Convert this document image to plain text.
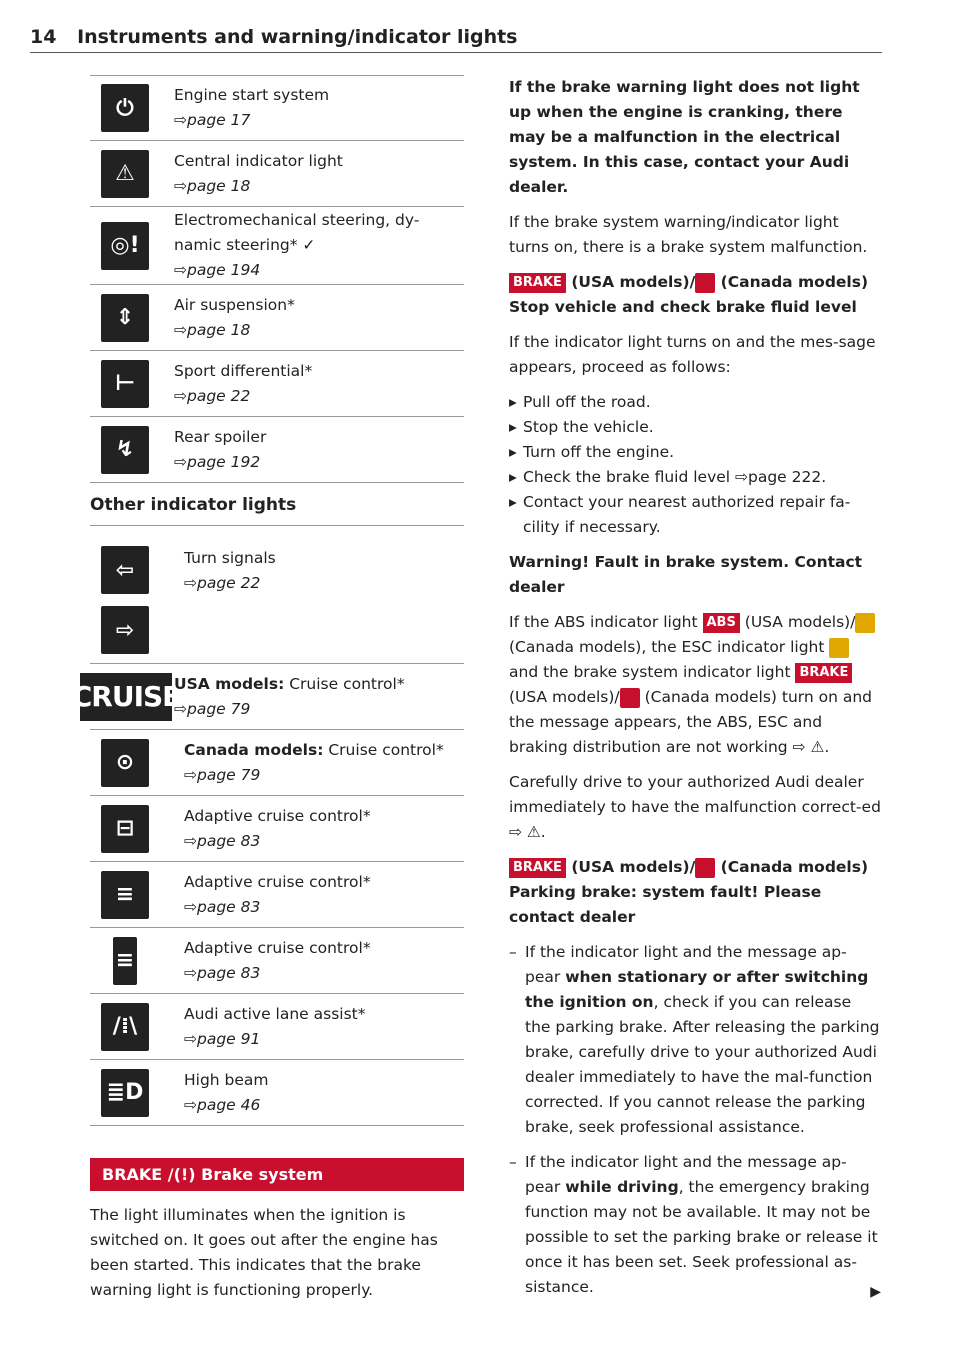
14 Instruments and warning/indicator lights
⏻
Engine start system
⇨page 17
⚠
Central indicator light
⇨page 18
◎!
Electromechanical steering, dy-namic steering* ✓
⇨page 194
⇕
Air suspension*
⇨page 18
⊢
Sport differential*
⇨page 22
↯
Rear spoiler
⇨page 192
Other indicator lights
⇦
⇨
Turn signals
⇨page 22
CRUISE
USA models: Cruise control*
⇨page 79
⊙
Canada models: Cruise control*
⇨page 79
⊟
Adaptive cruise control*
⇨page 83
≡
Adaptive cruise control*
⇨page 83
≡
Adaptive cruise control*
⇨page 83
/⁞\
Audi active lane assist*
⇨page 91
≣D
High beam
⇨page 46
BRAKE /(!) Brake system
The light illuminates when the ignition is switched on. It goes out after the engine has been started. This indicates that the brake warning light is functioning properly.

If the brake warning light does not light up when the engine is cranking, there may be a malfunction in the electrical system. In this case, contact your Audi dealer.

If the brake system warning/indicator light turns on, there is a brake system malfunction.

BRAKE (USA models)/ (Canada models)
Stop vehicle and check brake fluid level

If the indicator light turns on and the mes-sage appears, proceed as follows:

▸ Pull off the road.
▸ Stop the vehicle.
▸ Turn off the engine.
▸ Check the brake fluid level ⇨page 222.
▸ Contact your nearest authorized repair fa-cility if necessary.

Warning! Fault in brake system. Contact dealer

If the ABS indicator light ABS (USA models)/ (Canada models), the ESC indicator light  and the brake system indicator light BRAKE (USA models)/ (Canada models) turn on and the message appears, the ABS, ESC and braking distribution are not working ⇨ ⚠.

Carefully drive to your authorized Audi dealer immediately to have the malfunction correct-ed ⇨ ⚠.

BRAKE (USA models)/ (Canada models)
Parking brake: system fault! Please contact dealer

– If the indicator light and the message ap-pear when stationary or after switching the ignition on, check if you can release the parking brake. After releasing the parking brake, carefully drive to your authorized Audi dealer immediately to have the mal-function corrected. If you cannot release the parking brake, seek professional assistance.
– If the indicator light and the message ap-pear while driving, the emergency braking function may not be available. It may not be possible to set the parking brake or release it once it has been set. Seek professional as-sistance.	▶
